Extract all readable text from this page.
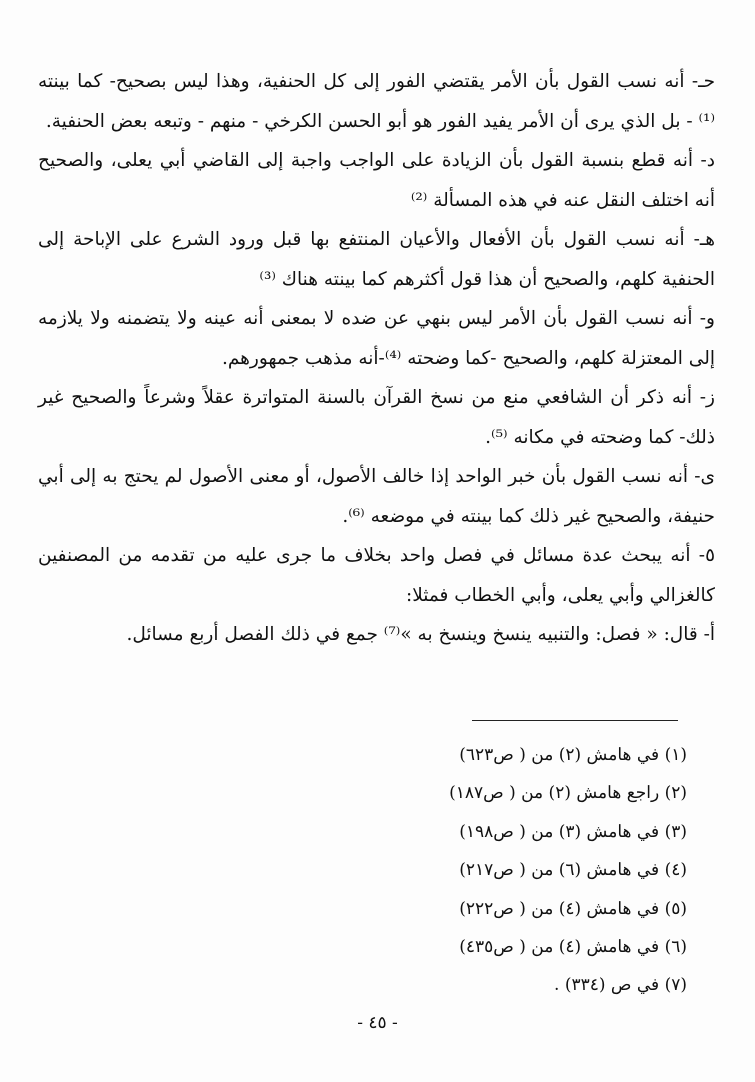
حـ- أنه نسب القول بأن الأمر يقتضي الفور إلى كل الحنفية، وهذا ليس بصحيح- كما بينته ⁽¹⁾ - بل الذي يرى أن الأمر يفيد الفور هو أبو الحسن الكرخي - منهم - وتبعه بعض الحنفية.

د- أنه قطع بنسبة القول بأن الزيادة على الواجب واجبة إلى القاضي أبي يعلى، والصحيح أنه اختلف النقل عنه في هذه المسألة ⁽²⁾

هـ- أنه نسب القول بأن الأفعال والأعيان المنتفع بها قبل ورود الشرع على الإباحة إلى الحنفية كلهم، والصحيح أن هذا قول أكثرهم كما بينته هناك ⁽³⁾

و- أنه نسب القول بأن الأمر ليس بنهي عن ضده لا بمعنى أنه عينه ولا يتضمنه ولا يلازمه إلى المعتزلة كلهم، والصحيح -كما وضحته ⁽⁴⁾-أنه مذهب جمهورهم.

ز- أنه ذكر أن الشافعي منع من نسخ القرآن بالسنة المتواترة عقلاً وشرعاً والصحيح غير ذلك- كما وضحته في مكانه ⁽⁵⁾.

ى- أنه نسب القول بأن خبر الواحد إذا خالف الأصول، أو معنى الأصول لم يحتج به إلى أبي حنيفة، والصحيح غير ذلك كما بينته في موضعه ⁽⁶⁾.

٥- أنه يبحث عدة مسائل في فصل واحد بخلاف ما جرى عليه من تقدمه من المصنفين كالغزالي وأبي يعلى، وأبي الخطاب فمثلا:

أ- قال: « فصل: والتنبيه ينسخ وينسخ به »⁽⁷⁾ جمع في ذلك الفصل أربع مسائل.

(١) في هامش (٢) من ( ص٦٢٣)

(٢) راجع هامش (٢) من ( ص١٨٧)

(٣) في هامش (٣) من ( ص١٩٨)

(٤) في هامش (٦) من ( ص٢١٧)

(٥) في هامش (٤) من ( ص٢٢٢)

(٦) في هامش (٤) من ( ص٤٣٥)

(٧) في ص (٣٣٤) .

- ٤٥ -
